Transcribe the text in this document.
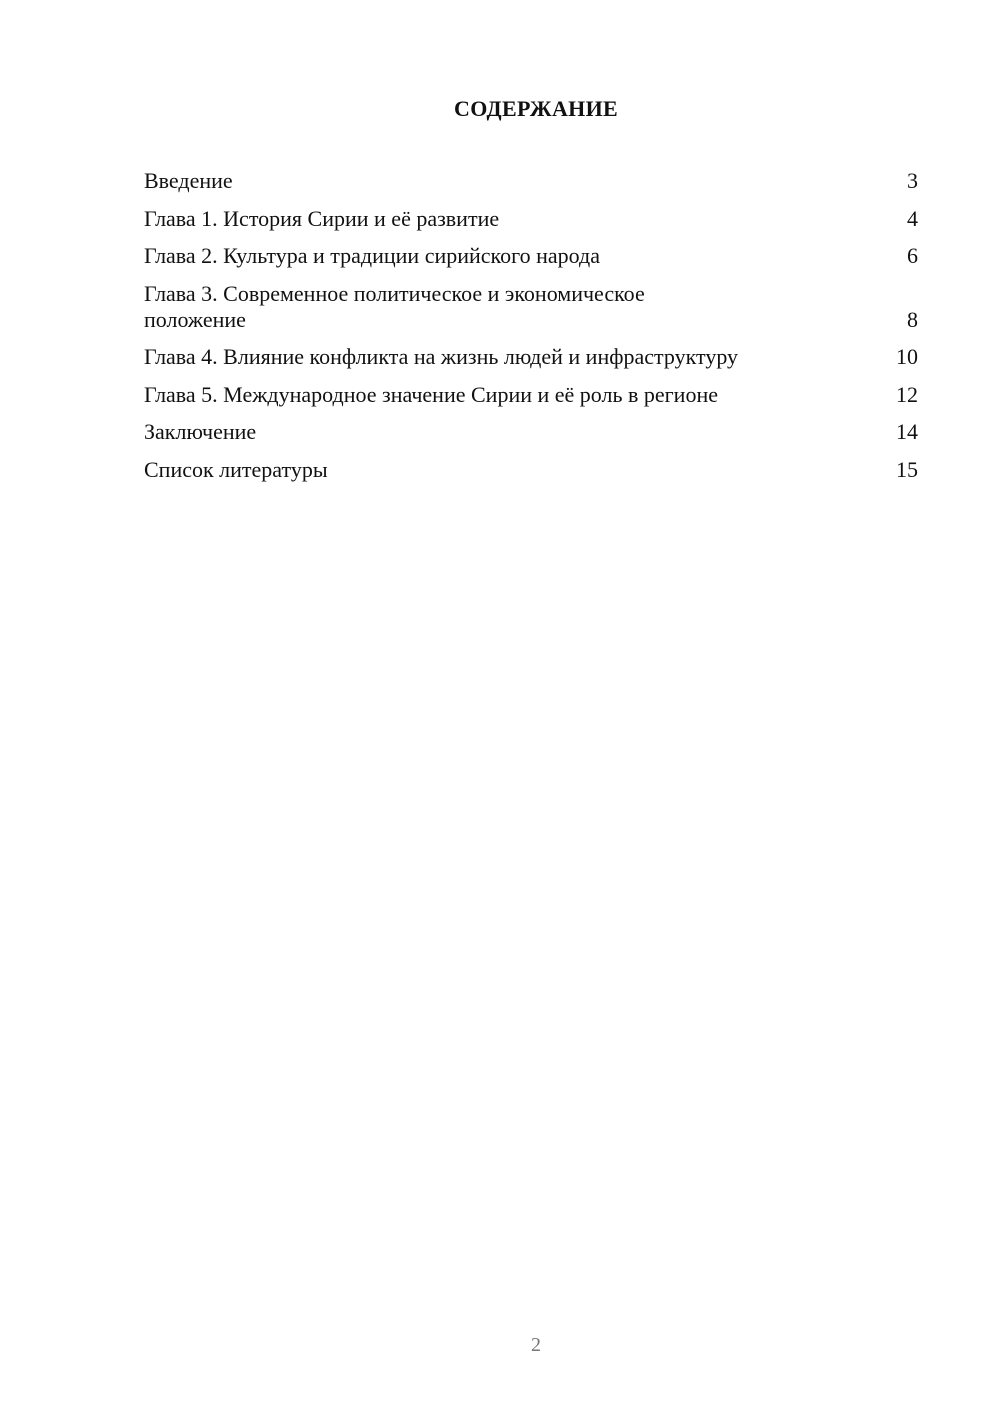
СОДЕРЖАНИЕ
Введение	3
Глава 1. История Сирии и её развитие	4
Глава 2. Культура и традиции сирийского народа	6
Глава 3. Современное политическое и экономическое положение	8
Глава 4. Влияние конфликта на жизнь людей и инфраструктуру	10
Глава 5. Международное значение Сирии и её роль в регионе	12
Заключение	14
Список литературы	15
2
